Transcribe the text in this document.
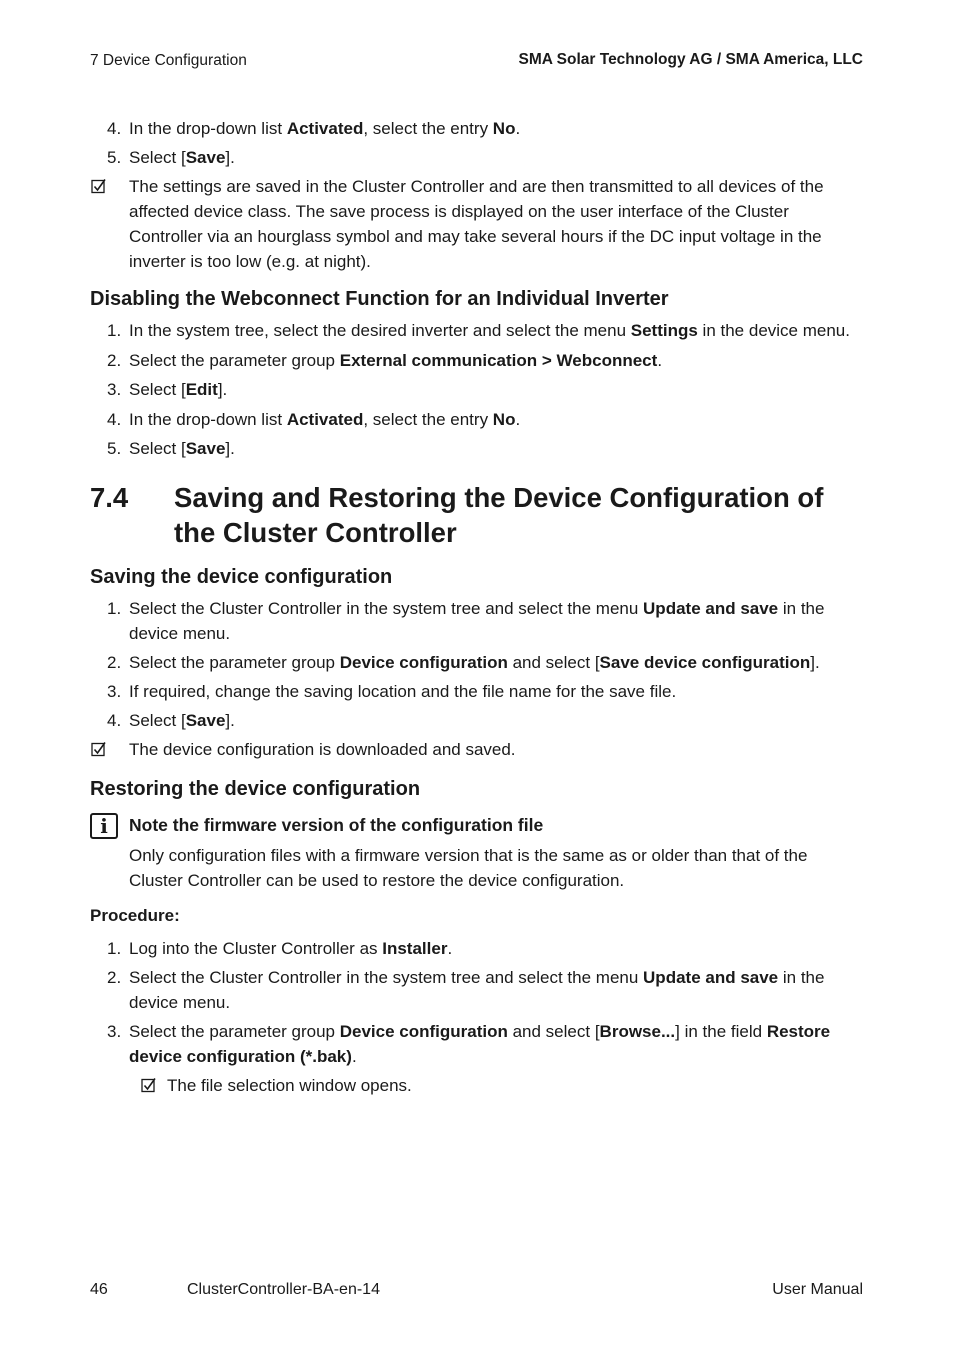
7 Device Configuration	SMA Solar Technology AG / SMA America, LLC
4. In the drop-down list Activated, select the entry No.
5. Select [Save].
The settings are saved in the Cluster Controller and are then transmitted to all devices of the affected device class. The save process is displayed on the user interface of the Cluster Controller via an hourglass symbol and may take several hours if the DC input voltage in the inverter is too low (e.g. at night).
Disabling the Webconnect Function for an Individual Inverter
1. In the system tree, select the desired inverter and select the menu Settings in the device menu.
2. Select the parameter group External communication > Webconnect.
3. Select [Edit].
4. In the drop-down list Activated, select the entry No.
5. Select [Save].
7.4 Saving and Restoring the Device Configuration of the Cluster Controller
Saving the device configuration
1. Select the Cluster Controller in the system tree and select the menu Update and save in the device menu.
2. Select the parameter group Device configuration and select [Save device configuration].
3. If required, change the saving location and the file name for the save file.
4. Select [Save].
The device configuration is downloaded and saved.
Restoring the device configuration
i	Note the firmware version of the configuration file
Only configuration files with a firmware version that is the same as or older than that of the Cluster Controller can be used to restore the device configuration.
Procedure:
1. Log into the Cluster Controller as Installer.
2. Select the Cluster Controller in the system tree and select the menu Update and save in the device menu.
3. Select the parameter group Device configuration and select [Browse...] in the field Restore device configuration (*.bak).
The file selection window opens.
46	ClusterController-BA-en-14	User Manual
